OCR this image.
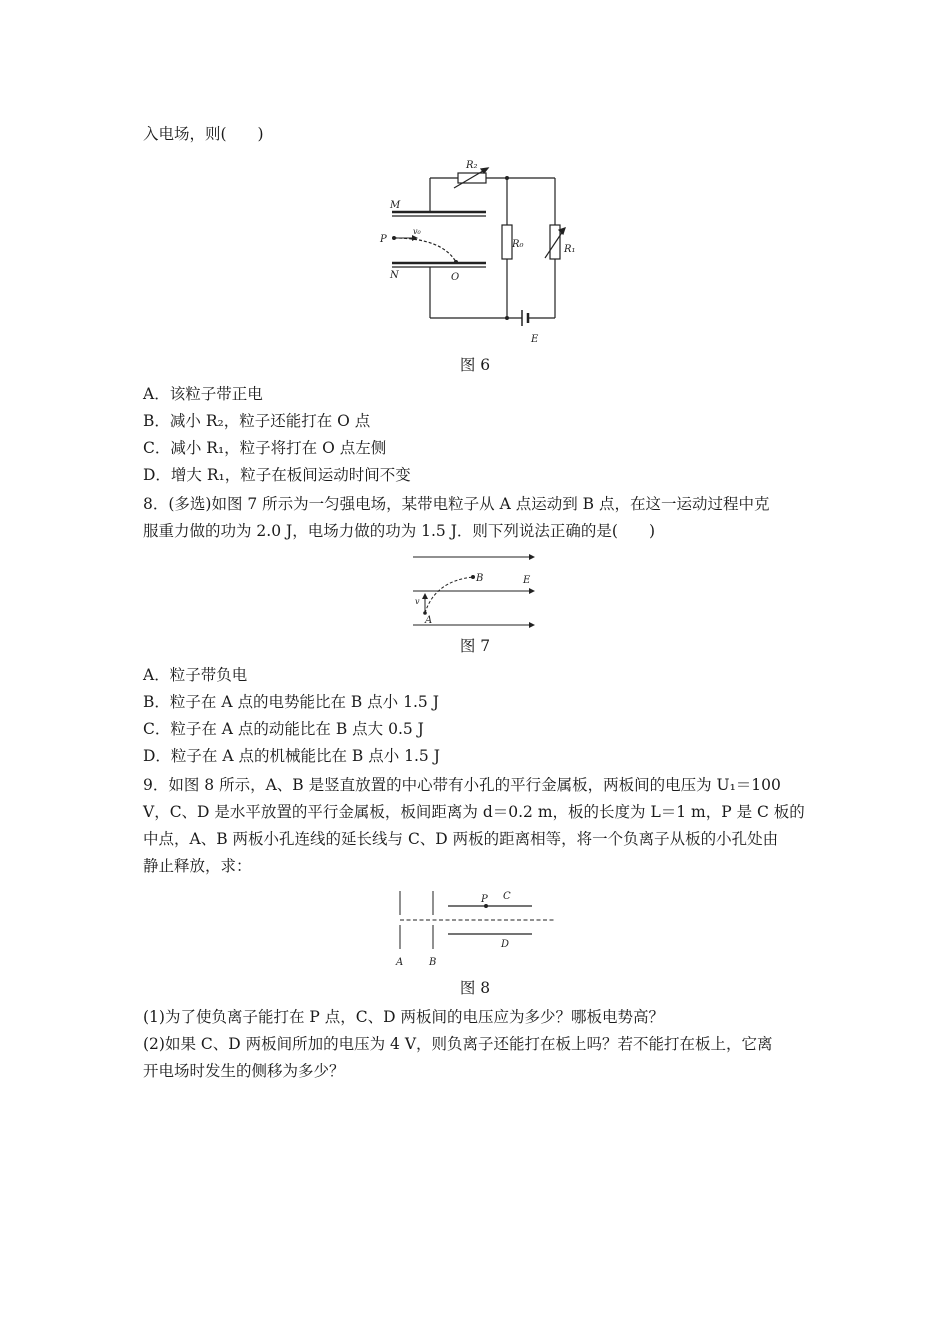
入电场，则(　　)
R₂
M
P
v₀
R₀	R₁
N	O
E
图 6
A．该粒子带正电
B．减小 R₂，粒子还能打在 O 点
C．减小 R₁，粒子将打在 O 点左侧
D．增大 R₁，粒子在板间运动时间不变
8．(多选)如图 7 所示为一匀强电场，某带电粒子从 A 点运动到 B 点，在这一运动过程中克
服重力做的功为 2.0 J，电场力做的功为 1.5 J．则下列说法正确的是(　　)
B	E
v
A
图 7
A．粒子带负电
B．粒子在 A 点的电势能比在 B 点小 1.5 J
C．粒子在 A 点的动能比在 B 点大 0.5 J
D．粒子在 A 点的机械能比在 B 点小 1.5 J
9．如图 8 所示，A、B 是竖直放置的中心带有小孔的平行金属板，两板间的电压为 U₁＝100
V，C、D 是水平放置的平行金属板，板间距离为 d＝0.2 m，板的长度为 L＝1 m，P 是 C 板的
中点，A、B 两板小孔连线的延长线与 C、D 两板的距离相等，将一个负离子从板的小孔处由
静止释放，求：
P C
D
A	B
图 8
(1)为了使负离子能打在 P 点，C、D 两板间的电压应为多少？哪板电势高？
(2)如果 C、D 两板间所加的电压为 4 V，则负离子还能打在板上吗？若不能打在板上，它离
开电场时发生的侧移为多少？
